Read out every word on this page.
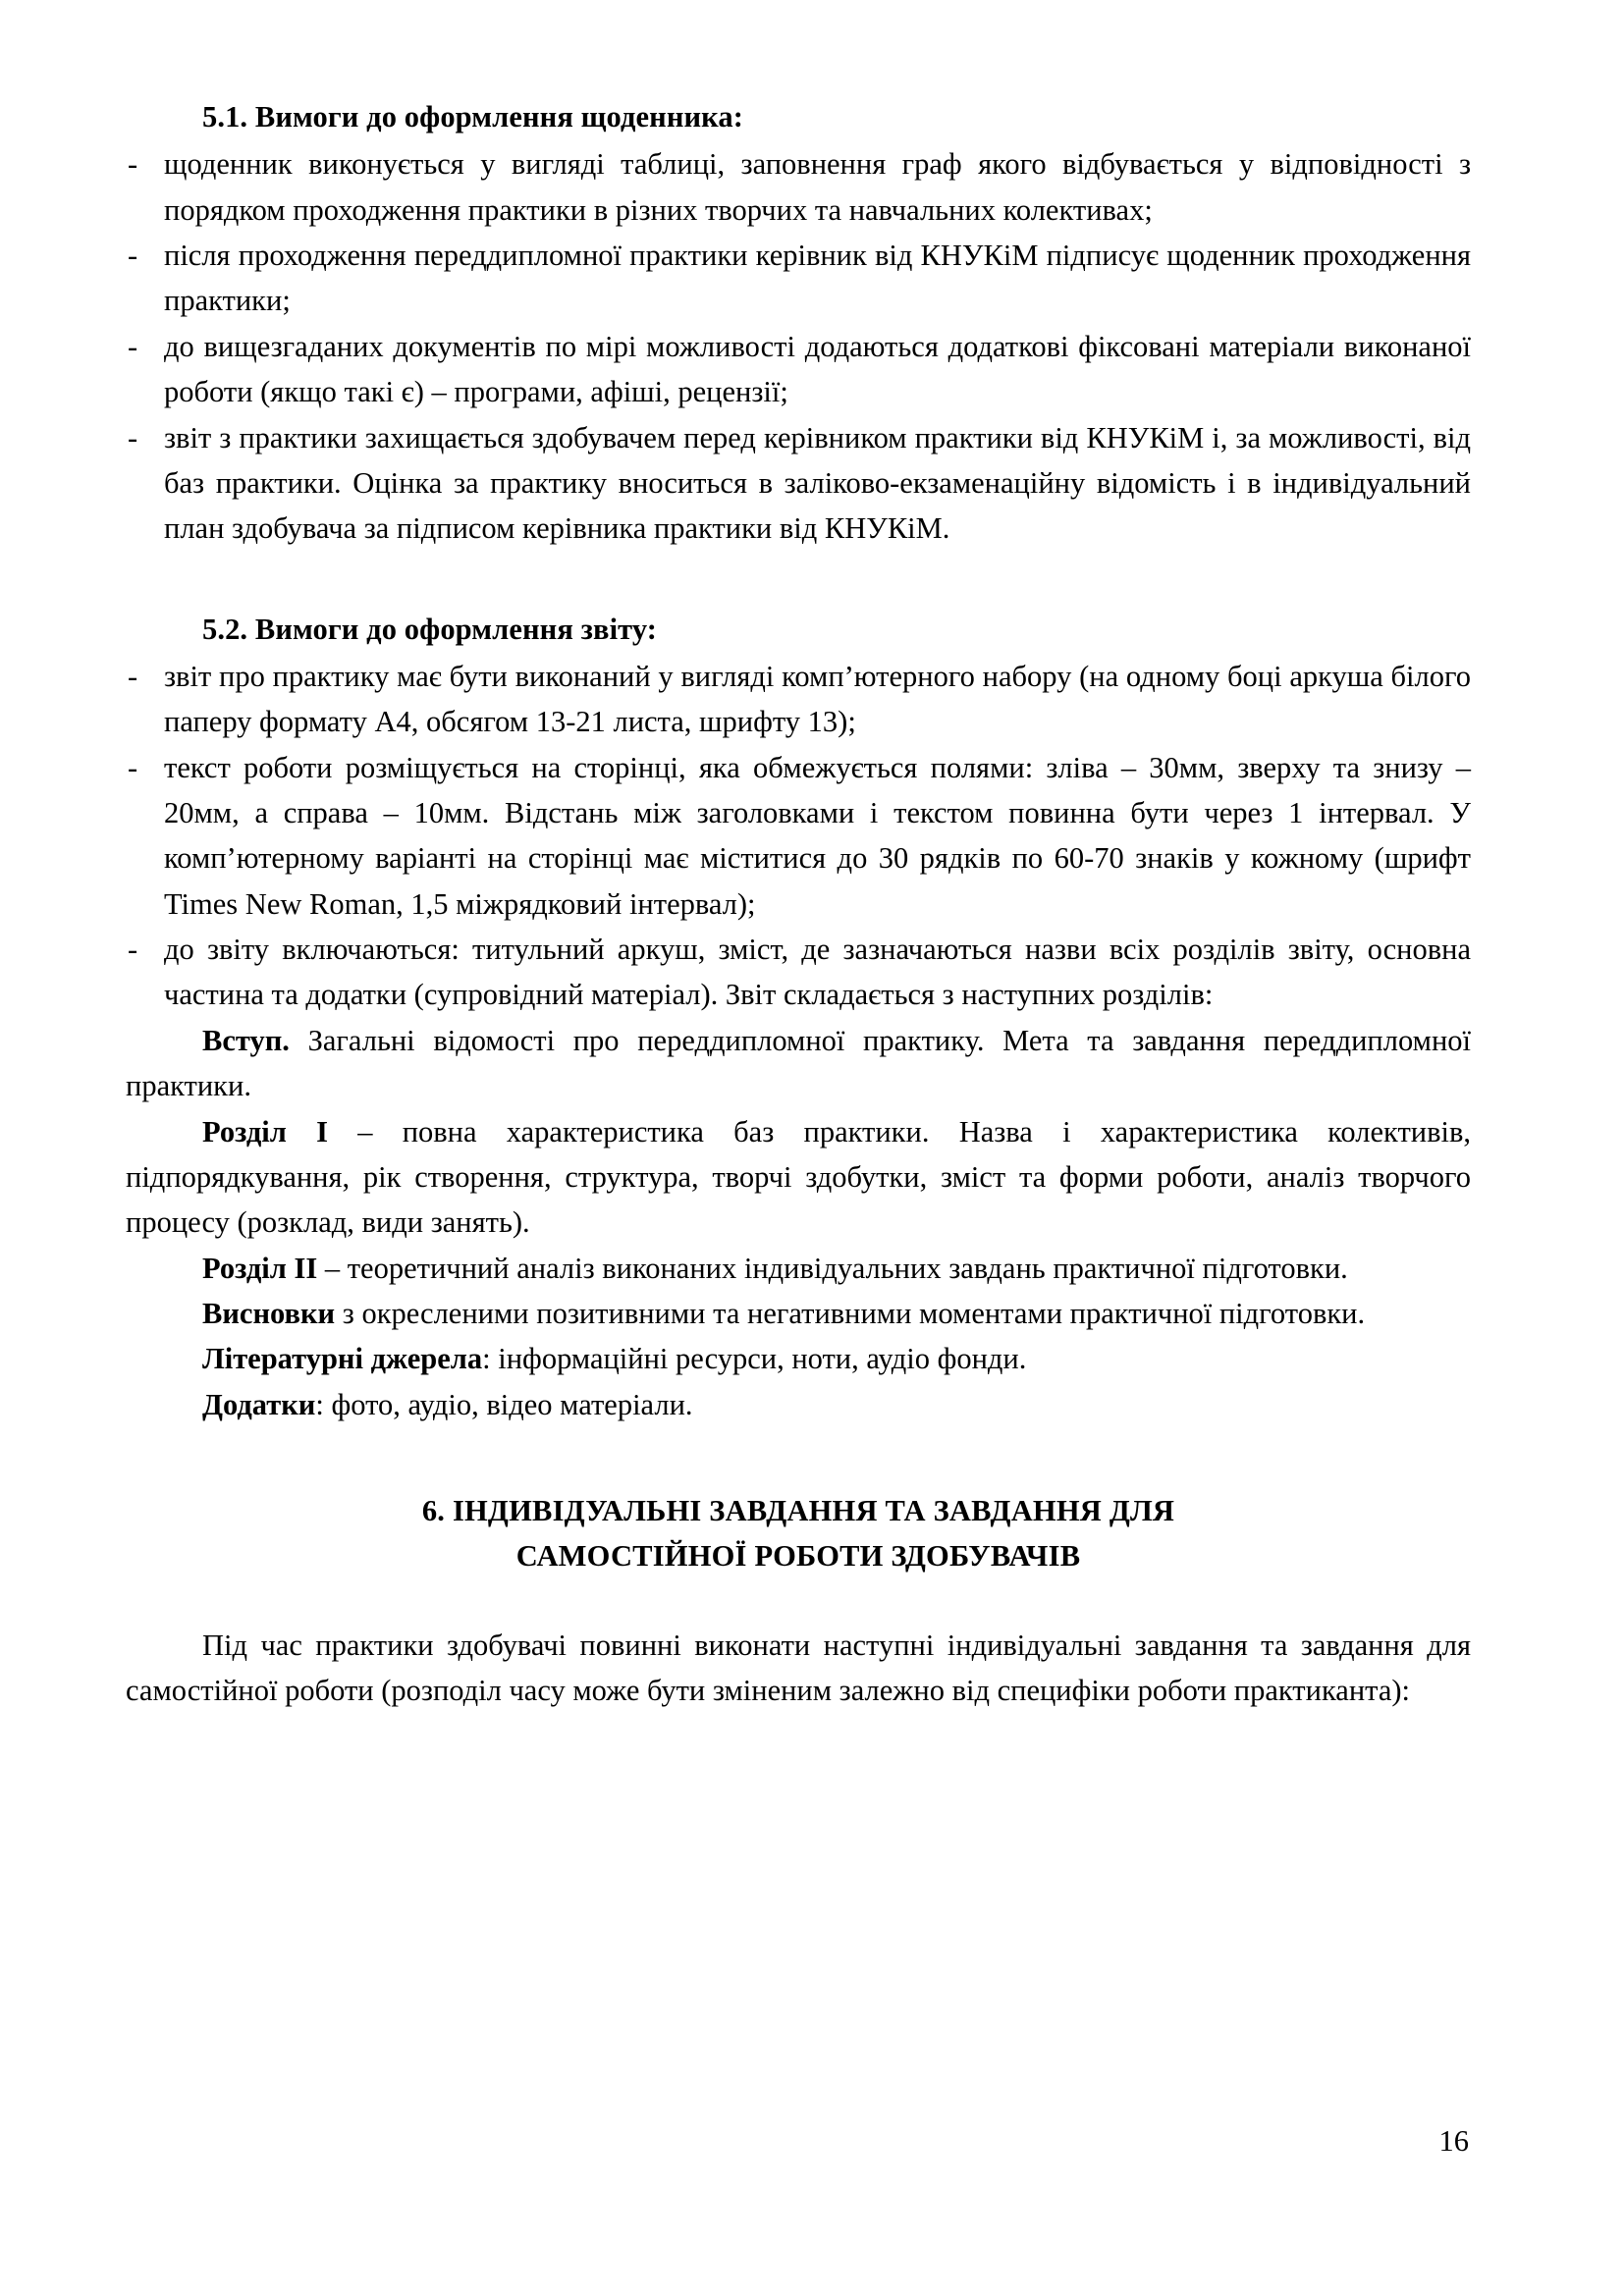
5.1. Вимоги до оформлення щоденника:
- щоденник виконується у вигляді таблиці, заповнення граф якого відбувається у відповідності з порядком проходження практики в різних творчих та навчальних колективах;
- після проходження переддипломної практики керівник від КНУКіМ підписує щоденник проходження практики;
- до вищезгаданих документів по мірі можливості додаються додаткові фіксовані матеріали виконаної роботи (якщо такі є) – програми, афіші, рецензії;
- звіт з практики захищається здобувачем перед керівником практики від КНУКіМ і, за можливості, від баз практики. Оцінка за практику вноситься в заліково-екзаменаційну відомість і в індивідуальний план здобувача за підписом керівника практики від КНУКіМ.
5.2. Вимоги до оформлення звіту:
- звіт про практику має бути виконаний у вигляді комп’ютерного набору (на одному боці аркуша білого паперу формату А4, обсягом 13-21 листа, шрифту 13);
- текст роботи розміщується на сторінці, яка обмежується полями: зліва – 30мм, зверху та знизу – 20мм, а справа – 10мм. Відстань між заголовками і текстом повинна бути через 1 інтервал. У комп’ютерному варіанті на сторінці має міститися до 30 рядків по 60-70 знаків у кожному (шрифт Times New Roman, 1,5 міжрядковий інтервал);
- до звіту включаються: титульний аркуш, зміст, де зазначаються назви всіх розділів звіту, основна частина та додатки (супровідний матеріал). Звіт складається з наступних розділів:

Вступ. Загальні відомості про переддипломної практику. Мета та завдання переддипломної практики.

Розділ I – повна характеристика баз практики. Назва і характеристика колективів, підпорядкування, рік створення, структура, творчі здобутки, зміст та форми роботи, аналіз творчого процесу (розклад, види занять).

Розділ II – теоретичний аналіз виконаних індивідуальних завдань практичної підготовки.

Висновки з окресленими позитивними та негативними моментами практичної підготовки.

Літературні джерела: інформаційні ресурси, ноти, аудіо фонди.

Додатки: фото, аудіо, відео матеріали.

6. ІНДИВІДУАЛЬНІ ЗАВДАННЯ ТА ЗАВДАННЯ ДЛЯ
САМОСТІЙНОЇ РОБОТИ ЗДОБУВАЧІВ

Під час практики здобувачі повинні виконати наступні індивідуальні завдання та завдання для самостійної роботи (розподіл часу може бути зміненим залежно від специфіки роботи практиканта):

16
